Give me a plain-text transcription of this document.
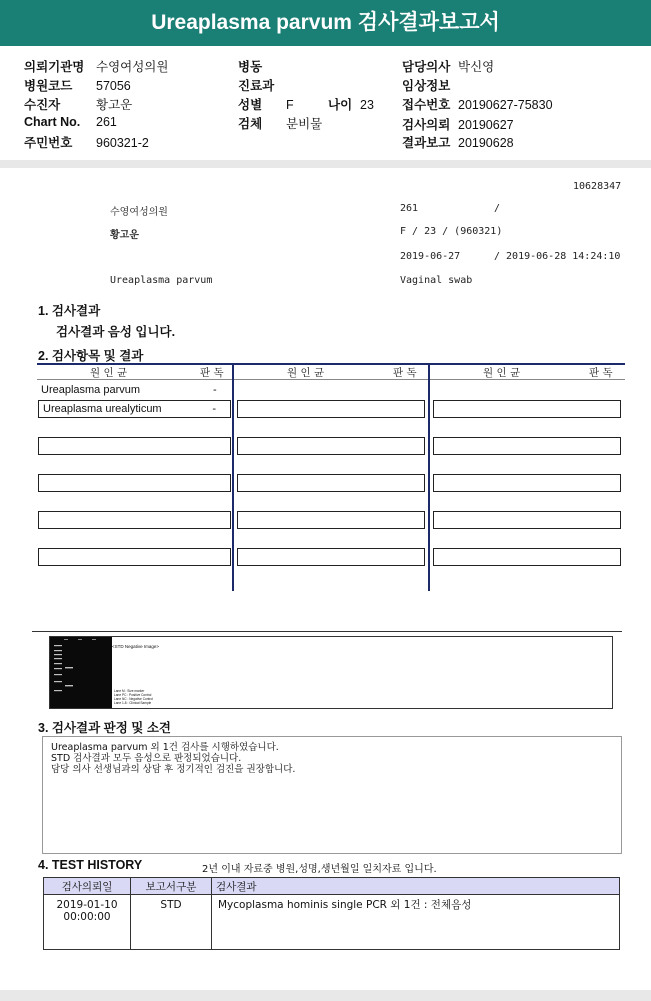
Ureaplasma parvum 검사결과보고서
의뢰기관명 수영여성의원
병원코드 57056
수진자	황고운
Chart No. 261
주민번호 960321-2
병동
진료과
성별 F	나이 23
검체 분비물
담당의사 박신영
임상정보
접수번호 20190627-75830
검사의뢰 20190627
결과보고 20190628
10628347
수영여성의원	261	/
황고운	F / 23 / (960321)
2019-06-27	/ 2019-06-28 14:24:10
Ureaplasma parvum	Vaginal swab
1. 검사결과
검사결과 음성 입니다.
2. 검사항목 및 결과
원 인 균	판 독	원 인 균	판 독	원 인 균	판 독
Ureaplasma parvum	-
Ureaplasma urealyticum	-
<STD Negative Image>
Lane M : Size marker
Lane PC : Positive Control
Lane NC : Negative Control
Lane 1-8 : Clinical Sample
3. 검사결과 판정 및 소견
Ureaplasma parvum 외 1건 검사를 시행하였습니다.
STD 검사결과 모두 음성으로 판정되었습니다.
담당 의사 선생님과의 상담 후 정기적인 검진을 권장합니다.
4. TEST HISTORY	2년 이내 자료중 병원,성명,생년월일 일치자료 입니다.
검사의뢰일	보고서구분	검사결과

2019-01-10
00:00:00	STD	Mycoplasma hominis single PCR 외 1건 : 전체음성
